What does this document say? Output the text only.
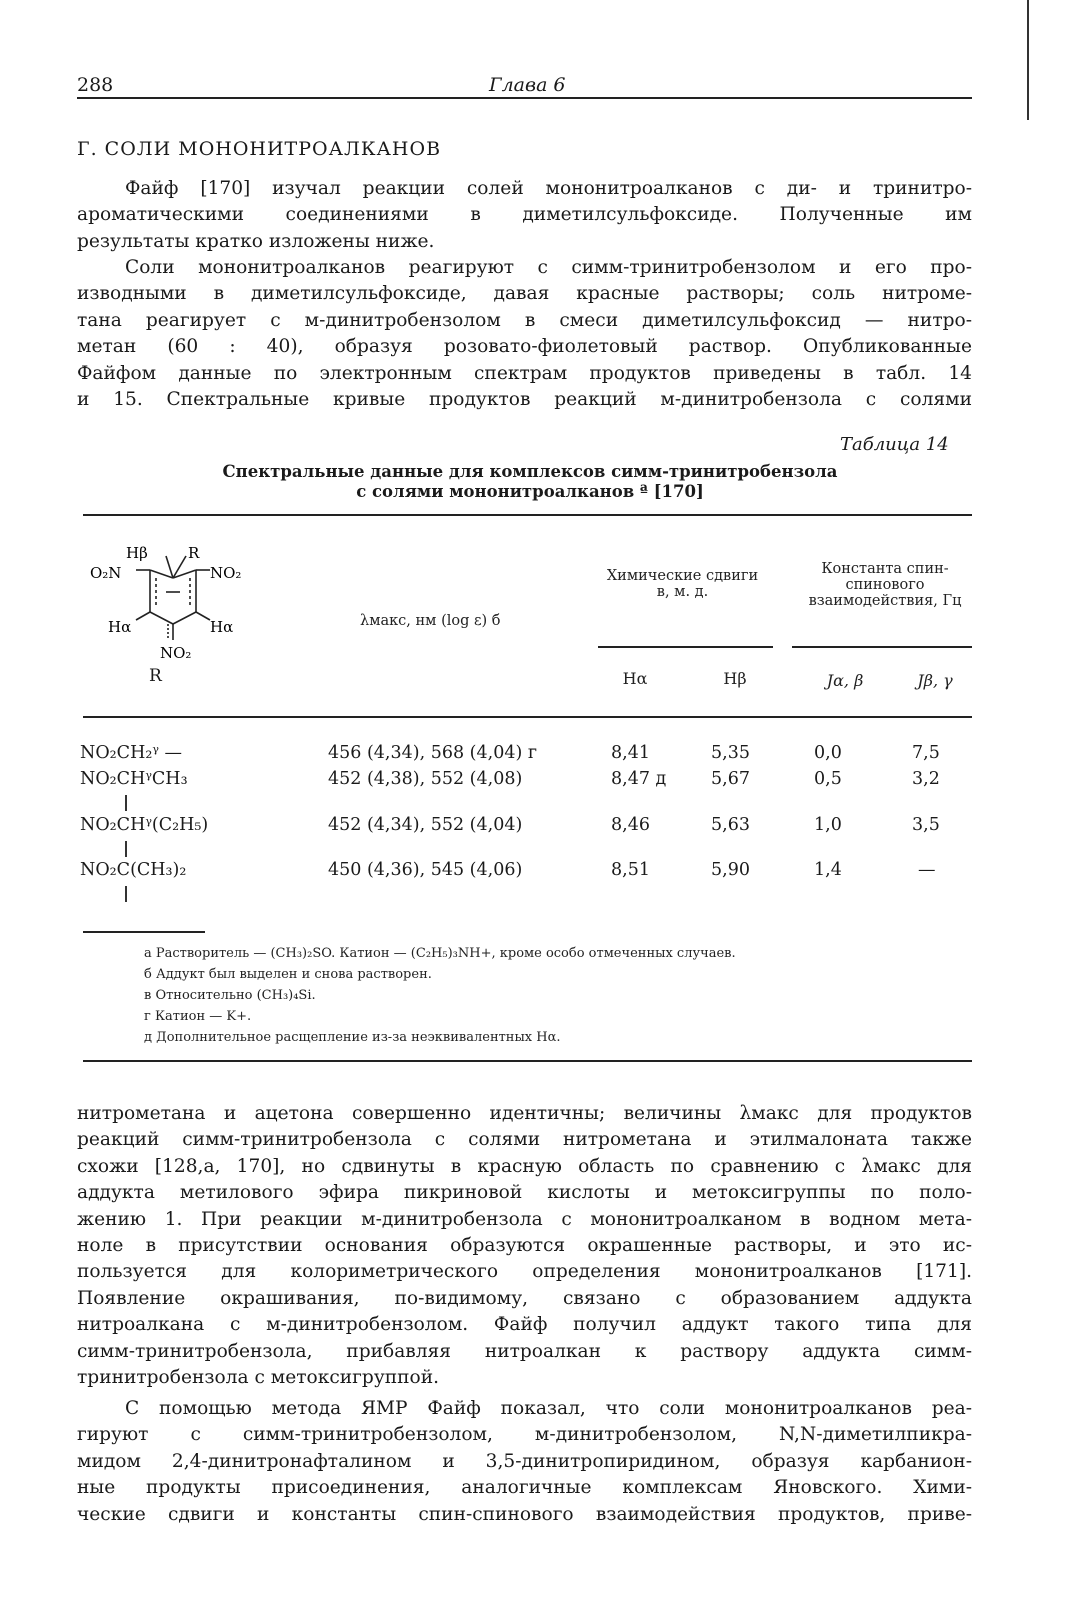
288	Глава 6
Г. СОЛИ МОНОНИТРОАЛКАНОВ
Файф [170] изучал реакции солей мононитроалканов с ди- и тринитро-
ароматическими соединениями в диметилсульфоксиде. Полученные им
результаты кратко изложены ниже.
Соли мононитроалканов реагируют с симм-тринитробензолом и его про-
изводными в диметилсульфоксиде, давая красные растворы; соль нитроме-
тана реагирует с м-динитробензолом в смеси диметилсульфоксид — нитро-
метан (60 : 40), образуя розовато-фиолетовый раствор. Опубликованные
Файфом данные по электронным спектрам продуктов приведены в табл. 14
и 15. Спектральные кривые продуктов реакций м-динитробензола с солями
Таблица 14
Спектральные данные для комплексов симм-тринитробензола
с солями мононитроалканов ª [170]
Hβ	R
O₂N	NO₂
Hα	Hα
NO₂
R
λмакс, нм (log ε) б
Химические сдвиги в, м. д.
Константа спин-спинового взаимодействия, Гц
Hα	Hβ	Jα, β	Jβ, γ
NO₂CH₂ᵞ —	456 (4,34), 568 (4,04) г	8,41	5,35	0,0	7,5
NO₂CHᵞCH₃	452 (4,38), 552 (4,08)	8,47 д	5,67	0,5	3,2
NO₂CHᵞ(C₂H₅)	452 (4,34), 552 (4,04)	8,46	5,63	1,0	3,5
NO₂C(CH₃)₂	450 (4,36), 545 (4,06)	8,51	5,90	1,4	—
а Растворитель — (CH₃)₂SO. Катион — (C₂H₅)₃NH+, кроме особо отмеченных случаев.
б Аддукт был выделен и снова растворен.
в Относительно (CH₃)₄Si.
г Катион — K+.
д Дополнительное расщепление из-за неэквивалентных Hα.
нитрометана и ацетона совершенно идентичны; величины λмакс для продуктов
реакций симм-тринитробензола с солями нитрометана и этилмалоната также
схожи [128,а, 170], но сдвинуты в красную область по сравнению с λмакс для
аддукта метилового эфира пикриновой кислоты и метоксигруппы по поло-
жению 1. При реакции м-динитробензола с мононитроалканом в водном мета-
ноле в присутствии основания образуются окрашенные растворы, и это ис-
пользуется для колориметрического определения мононитроалканов [171].
Появление окрашивания, по-видимому, связано с образованием аддукта
нитроалкана с м-динитробензолом. Файф получил аддукт такого типа для
симм-тринитробензола, прибавляя нитроалкан к раствору аддукта симм-
тринитробензола с метоксигруппой.
С помощью метода ЯМР Файф показал, что соли мононитроалканов реа-
гируют с симм-тринитробензолом, м-динитробензолом, N,N-диметилпикра-
мидом 2,4-динитронафталином и 3,5-динитропиридином, образуя карбанион-
ные продукты присоединения, аналогичные комплексам Яновского. Хими-
ческие сдвиги и константы спин-спинового взаимодействия продуктов, приве-
